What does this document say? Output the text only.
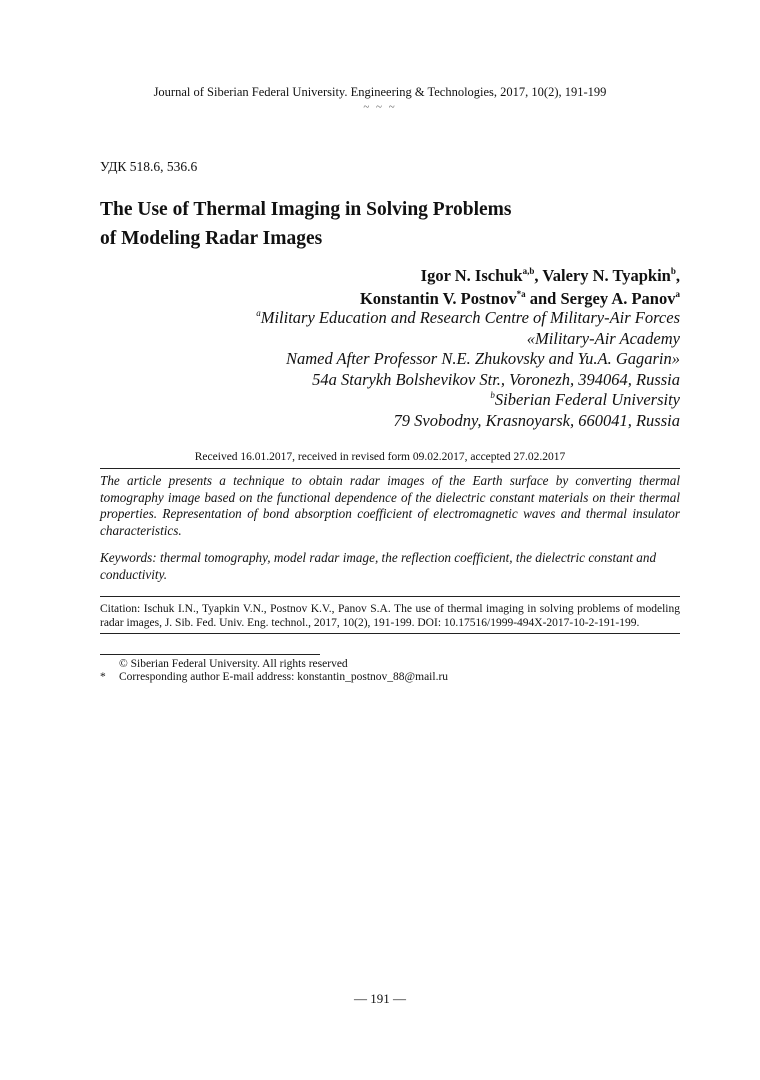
Journal of Siberian Federal University. Engineering & Technologies, 2017, 10(2), 191-199
~ ~ ~
УДК 518.6, 536.6
The Use of Thermal Imaging in Solving Problems
of Modeling Radar Images
Igor N. Ischuk$^{a,b}$, Valery N. Tyapkin$^b$,
Konstantin V. Postnov$^{*a}$ and Sergey A. Panov$^a$
$^a$Military Education and Research Centre of Military-Air Forces
«Military-Air Academy
Named After Professor N.E. Zhukovsky and Yu.A. Gagarin»
54a Starykh Bolshevikov Str., Voronezh, 394064, Russia
$^b$Siberian Federal University
79 Svobodny, Krasnoyarsk, 660041, Russia
Received 16.01.2017, received in revised form 09.02.2017, accepted 27.02.2017

The article presents a technique to obtain radar images of the Earth surface by converting thermal tomography image based on the functional dependence of the dielectric constant materials on their thermal properties. Representation of bond absorption coefficient of electromagnetic waves and thermal insulator characteristics.

Keywords: thermal tomography, model radar image, the reflection coefficient, the dielectric constant and conductivity.
Citation: Ischuk I.N., Tyapkin V.N., Postnov K.V., Panov S.A. The use of thermal imaging in solving problems of modeling radar images, J. Sib. Fed. Univ. Eng. technol., 2017, 10(2), 191-199. DOI: 10.17516/1999-494X-2017-10-2-191-199.
© Siberian Federal University. All rights reserved
* Corresponding author E-mail address: konstantin_postnov_88@mail.ru
— 191 —
